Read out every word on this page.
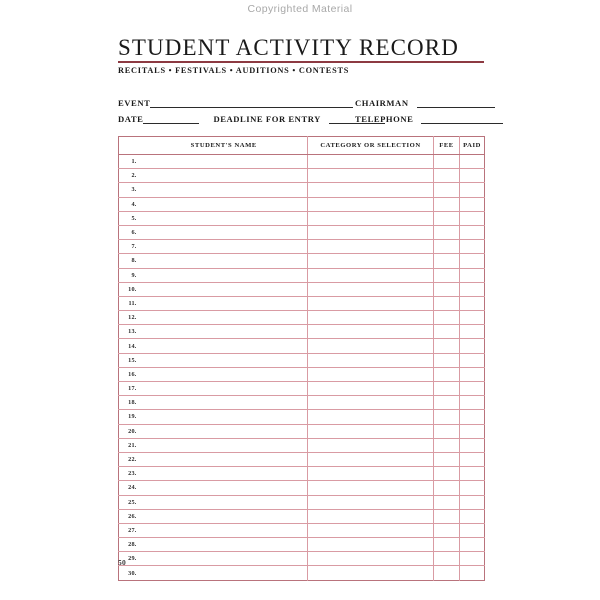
Copyrighted Material
STUDENT ACTIVITY RECORD
RECITALS • FESTIVALS • AUDITIONS • CONTESTS
EVENT	CHAIRMAN
DATE	DEADLINE FOR ENTRY	TELEPHONE
	STUDENT'S NAME	CATEGORY OR SELECTION	FEE	PAID
1.				
2.				
3.				
4.				
5.				
6.				
7.				
8.				
9.				
10.				
11.				
12.				
13.				
14.				
15.				
16.				
17.				
18.				
19.				
20.				
21.				
22.				
23.				
24.				
25.				
26.				
27.				
28.				
29.				
30.				
50
